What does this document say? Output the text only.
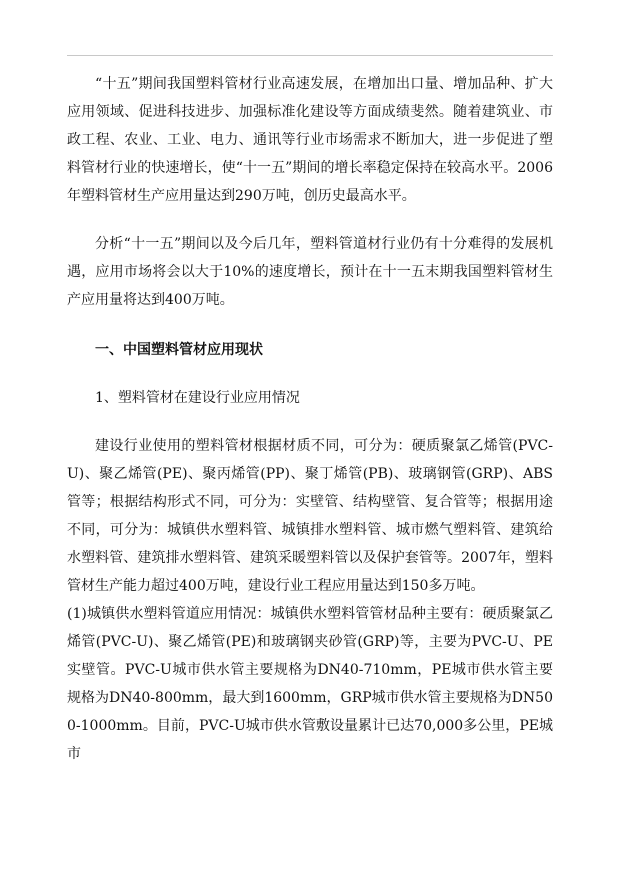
“十五”期间我国塑料管材行业高速发展，在增加出口量、增加品种、扩大应用领域、促进科技进步、加强标准化建设等方面成绩斐然。随着建筑业、市政工程、农业、工业、电力、通讯等行业市场需求不断加大，进一步促进了塑料管材行业的快速增长，使“十一五”期间的增长率稳定保持在较高水平。2006年塑料管材生产应用量达到290万吨，创历史最高水平。

分析“十一五”期间以及今后几年，塑料管道材行业仍有十分难得的发展机遇，应用市场将会以大于10%的速度增长，预计在十一五末期我国塑料管材生产应用量将达到400万吨。

一、中国塑料管材应用现状

1、塑料管材在建设行业应用情况

建设行业使用的塑料管材根据材质不同，可分为：硬质聚氯乙烯管(PVC-U)、聚乙烯管(PE)、聚丙烯管(PP)、聚丁烯管(PB)、玻璃钢管(GRP)、ABS管等；根据结构形式不同，可分为：实壁管、结构壁管、复合管等；根据用途不同，可分为：城镇供水塑料管、城镇排水塑料管、城市燃气塑料管、建筑给水塑料管、建筑排水塑料管、建筑采暖塑料管以及保护套管等。2007年，塑料管材生产能力超过400万吨，建设行业工程应用量达到150多万吨。

(1)城镇供水塑料管道应用情况：城镇供水塑料管管材品种主要有：硬质聚氯乙烯管(PVC-U)、聚乙烯管(PE)和玻璃钢夹砂管(GRP)等，主要为PVC-U、PE实壁管。PVC-U城市供水管主要规格为DN40-710mm，PE城市供水管主要规格为DN40-800mm，最大到1600mm，GRP城市供水管主要规格为DN500-1000mm。目前，PVC-U城市供水管敷设量累计已达70,000多公里，PE城市
